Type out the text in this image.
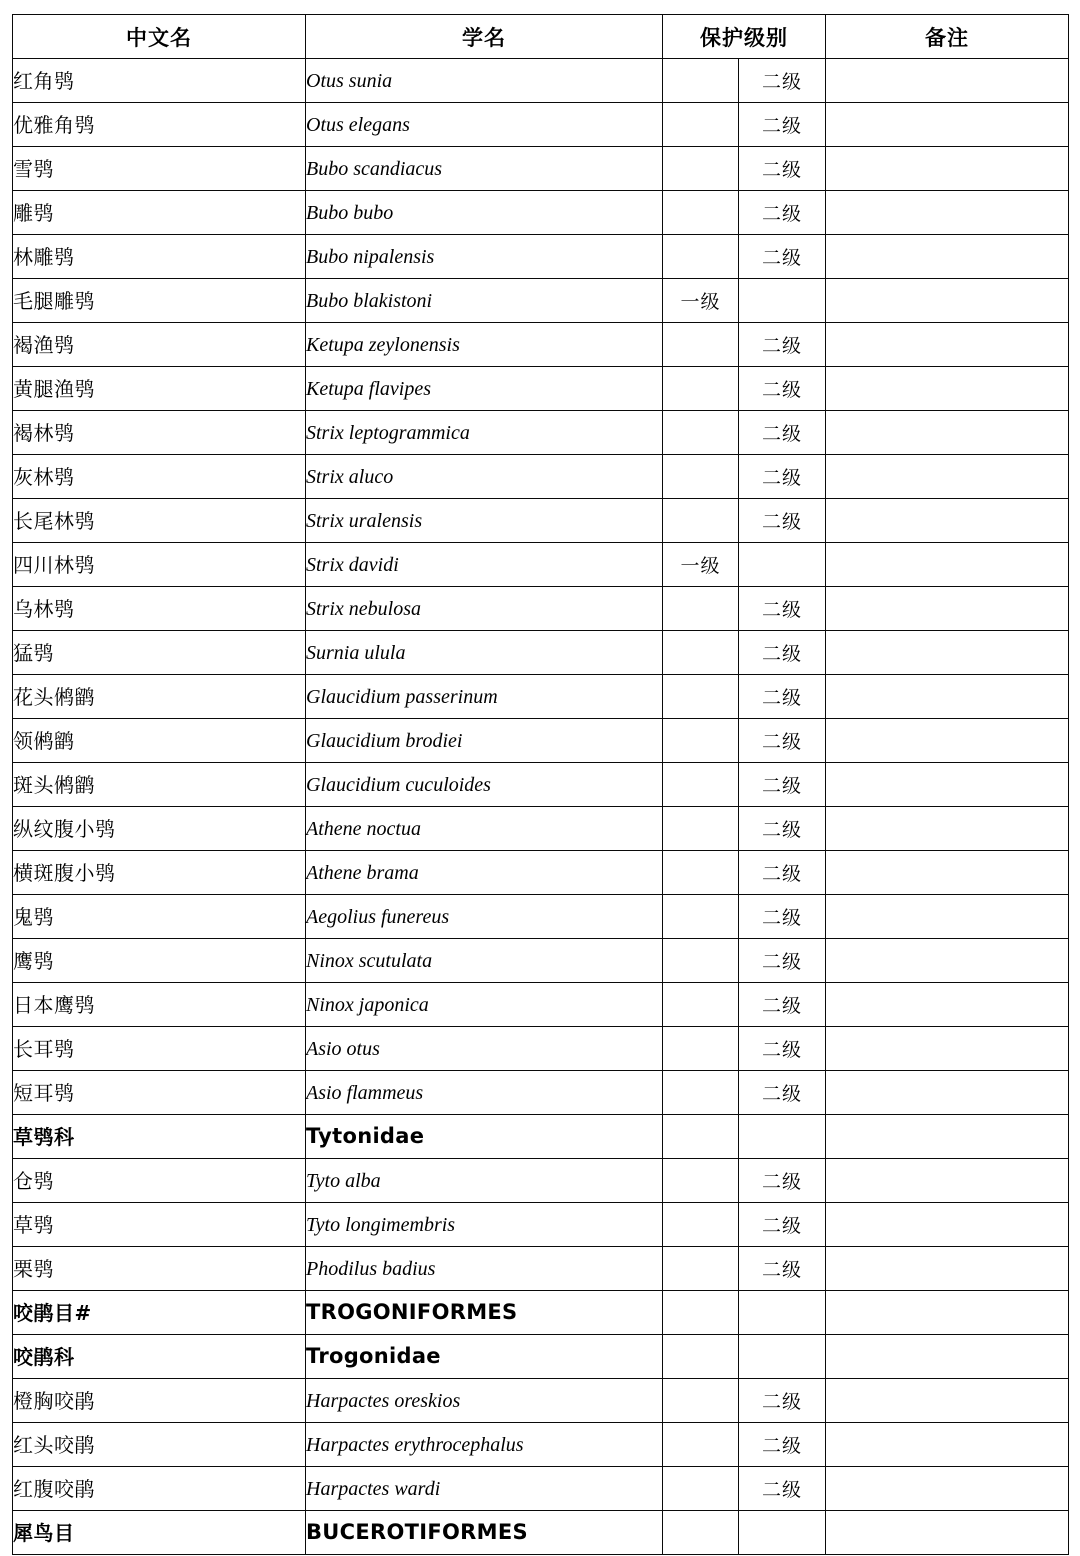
中文名	学名	保护级别		备注
红角鸮	Otus sunia		二级	
优雅角鸮	Otus elegans		二级	
雪鸮	Bubo scandiacus		二级	
雕鸮	Bubo bubo		二级	
林雕鸮	Bubo nipalensis		二级	
毛腿雕鸮	Bubo blakistoni	一级		
褐渔鸮	Ketupa zeylonensis		二级	
黄腿渔鸮	Ketupa flavipes		二级	
褐林鸮	Strix leptogrammica		二级	
灰林鸮	Strix aluco		二级	
长尾林鸮	Strix uralensis		二级	
四川林鸮	Strix davidi	一级		
乌林鸮	Strix nebulosa		二级	
猛鸮	Surnia ulula		二级	
花头鸺鹠	Glaucidium passerinum		二级	
领鸺鹠	Glaucidium brodiei		二级	
斑头鸺鹠	Glaucidium cuculoides		二级	
纵纹腹小鸮	Athene noctua		二级	
横斑腹小鸮	Athene brama		二级	
鬼鸮	Aegolius funereus		二级	
鹰鸮	Ninox scutulata		二级	
日本鹰鸮	Ninox japonica		二级	
长耳鸮	Asio otus		二级	
短耳鸮	Asio flammeus		二级	
草鸮科	Tytonidae			
仓鸮	Tyto alba		二级	
草鸮	Tyto longimembris		二级	
栗鸮	Phodilus badius		二级	
咬鹃目#	TROGONIFORMES			
咬鹃科	Trogonidae			
橙胸咬鹃	Harpactes oreskios		二级	
红头咬鹃	Harpactes erythrocephalus		二级	
红腹咬鹃	Harpactes wardi		二级	
犀鸟目	BUCEROTIFORMES			
